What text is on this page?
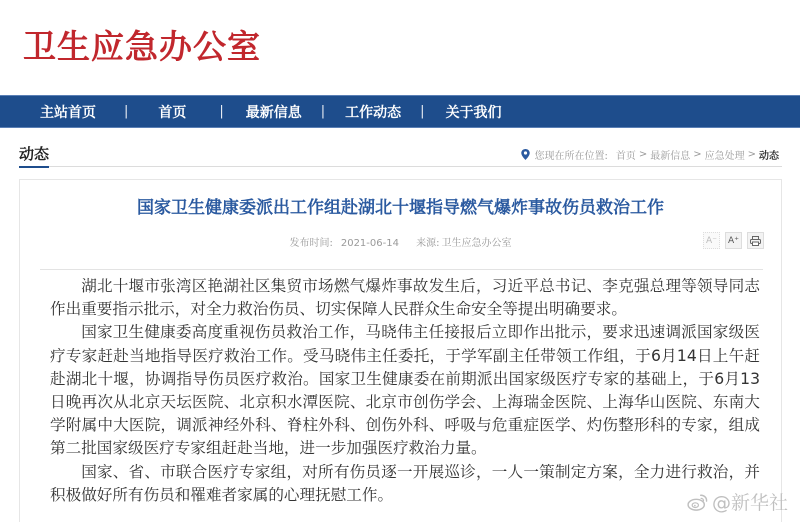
卫生应急办公室
主站首页 | 首页	| 最新信息 | 工作动态 | 关于我们
动态	您现在所在位置: 首页 > 最新信息 > 应急处理 > 动态
国家卫生健康委派出工作组赴湖北十堰指导燃气爆炸事故伤员救治工作
发布时间: 2021-06-14 来源: 卫生应急办公室	A⁻	A⁺

湖北十堰市张湾区艳湖社区集贸市场燃气爆炸事故发生后，习近平总书记、李克强总理等领导同志作出重要指示批示，对全力救治伤员、切实保障人民群众生命安全等提出明确要求。

国家卫生健康委高度重视伤员救治工作，马晓伟主任接报后立即作出批示，要求迅速调派国家级医疗专家赶赴当地指导医疗救治工作。受马晓伟主任委托，于学军副主任带领工作组，于6月14日上午赶赴湖北十堰，协调指导伤员医疗救治。国家卫生健康委在前期派出国家级医疗专家的基础上，于6月13日晚再次从北京天坛医院、北京积水潭医院、北京市创伤学会、上海瑞金医院、上海华山医院、东南大学附属中大医院，调派神经外科、脊柱外科、创伤外科、呼吸与危重症医学、灼伤整形科的专家，组成第二批国家级医疗专家组赶赴当地，进一步加强医疗救治力量。

国家、省、市联合医疗专家组，对所有伤员逐一开展巡诊，一人一策制定方案，全力进行救治，并积极做好所有伤员和罹难者家属的心理抚慰工作。	@新华社
